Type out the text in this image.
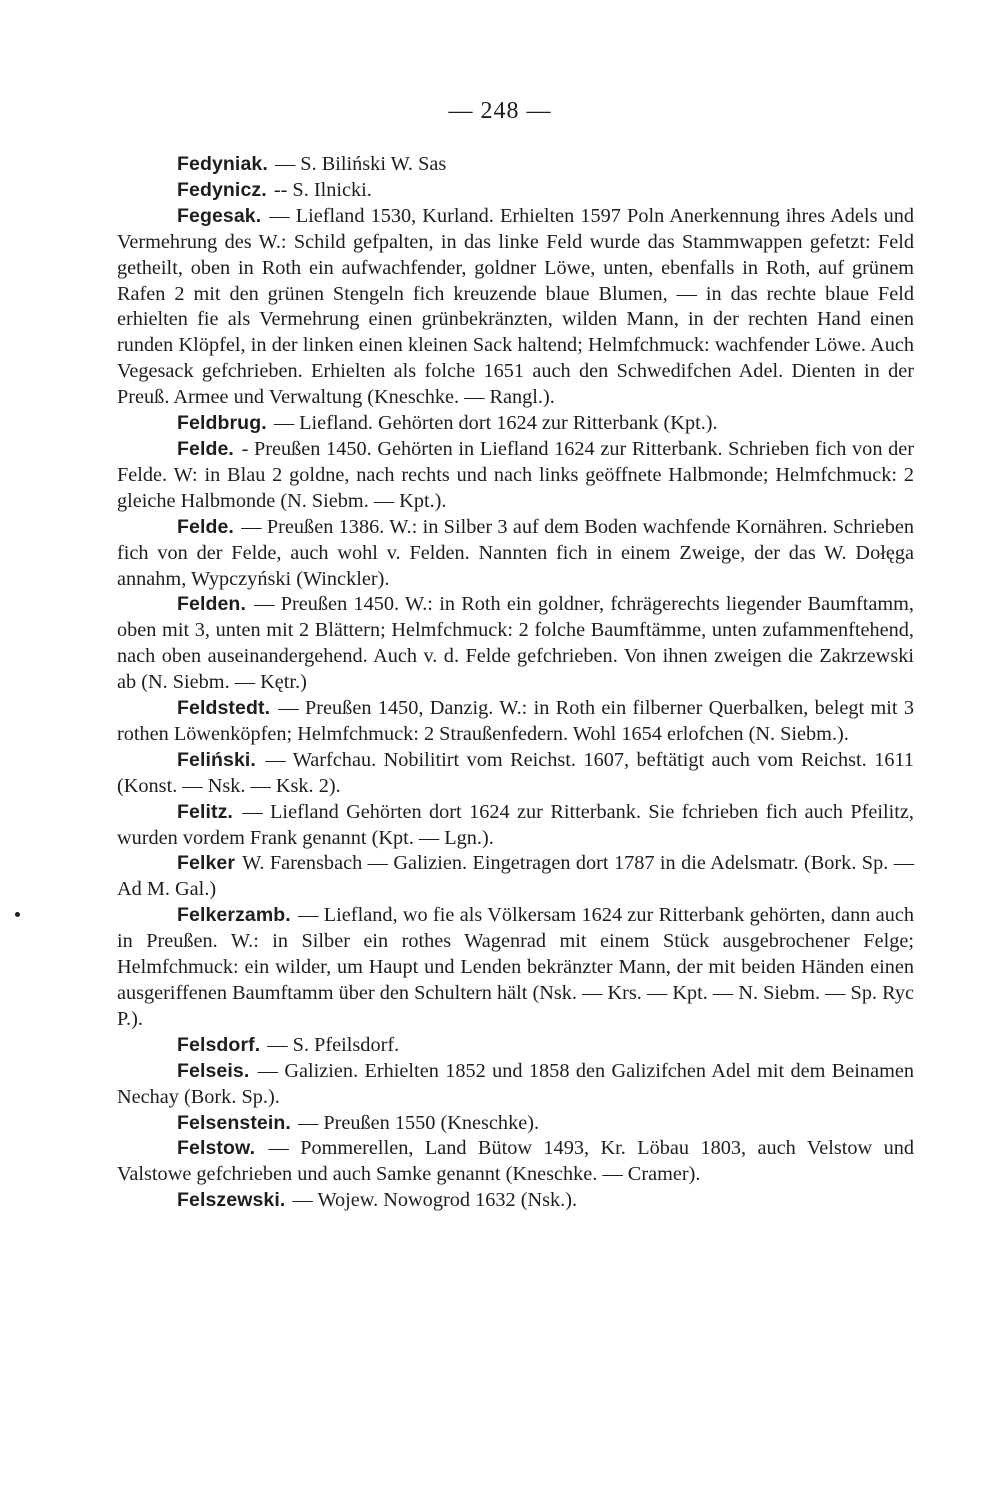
— 248 —

Fedyniak. — S. Biliński W. Sas

Fedynicz. -- S. Ilnicki.

Fegesak. — Liefland 1530, Kurland. Erhielten 1597 Poln Anerkennung ihres Adels und Vermehrung des W.: Schild gefpalten, in das linke Feld wurde das Stammwappen gefetzt: Feld getheilt, oben in Roth ein aufwachfender, goldner Löwe, unten, ebenfalls in Roth, auf grünem Rafen 2 mit den grünen Stengeln fich kreuzende blaue Blumen, — in das rechte blaue Feld erhielten fie als Vermehrung einen grünbekränzten, wilden Mann, in der rechten Hand einen runden Klöpfel, in der linken einen kleinen Sack haltend; Helmfchmuck: wachfender Löwe. Auch Vegesack gefchrieben. Erhielten als folche 1651 auch den Schwedifchen Adel. Dienten in der Preuß. Armee und Verwaltung (Kneschke. — Rangl.).

Feldbrug. — Liefland. Gehörten dort 1624 zur Ritterbank (Kpt.).

Felde. - Preußen 1450. Gehörten in Liefland 1624 zur Ritterbank. Schrieben fich von der Felde. W: in Blau 2 goldne, nach rechts und nach links geöffnete Halbmonde; Helmfchmuck: 2 gleiche Halbmonde (N. Siebm. — Kpt.).

Felde. — Preußen 1386. W.: in Silber 3 auf dem Boden wachfende Kornähren. Schrieben fich von der Felde, auch wohl v. Felden. Nannten fich in einem Zweige, der das W. Dołęga annahm, Wypczyński (Winckler).

Felden. — Preußen 1450. W.: in Roth ein goldner, fchrägerechts liegender Baumftamm, oben mit 3, unten mit 2 Blättern; Helmfchmuck: 2 folche Baumftämme, unten zufammenftehend, nach oben auseinandergehend. Auch v. d. Felde gefchrieben. Von ihnen zweigen die Zakrzewski ab (N. Siebm. — Kętr.)

Feldstedt. — Preußen 1450, Danzig. W.: in Roth ein filberner Querbalken, belegt mit 3 rothen Löwenköpfen; Helmfchmuck: 2 Straußenfedern. Wohl 1654 erlofchen (N. Siebm.).

Feliński. — Warfchau. Nobilitirt vom Reichst. 1607, beftätigt auch vom Reichst. 1611 (Konst. — Nsk. — Ksk. 2).

Felitz. — Liefland Gehörten dort 1624 zur Ritterbank. Sie fchrieben fich auch Pfeilitz, wurden vordem Frank genannt (Kpt. — Lgn.).

Felker W. Farensbach — Galizien. Eingetragen dort 1787 in die Adelsmatr. (Bork. Sp. — Ad M. Gal.)

Felkerzamb. — Liefland, wo fie als Völkersam 1624 zur Ritterbank gehörten, dann auch in Preußen. W.: in Silber ein rothes Wagenrad mit einem Stück ausgebrochener Felge; Helmfchmuck: ein wilder, um Haupt und Lenden bekränzter Mann, der mit beiden Händen einen ausgeriffenen Baumftamm über den Schultern hält (Nsk. — Krs. — Kpt. — N. Siebm. — Sp. Ryc P.).

Felsdorf. — S. Pfeilsdorf.

Felseis. — Galizien. Erhielten 1852 und 1858 den Galizifchen Adel mit dem Beinamen Nechay (Bork. Sp.).

Felsenstein. — Preußen 1550 (Kneschke).

Felstow. — Pommerellen, Land Bütow 1493, Kr. Löbau 1803, auch Velstow und Valstowe gefchrieben und auch Samke genannt (Kneschke. — Cramer).

Felszewski. — Wojew. Nowogrod 1632 (Nsk.).
